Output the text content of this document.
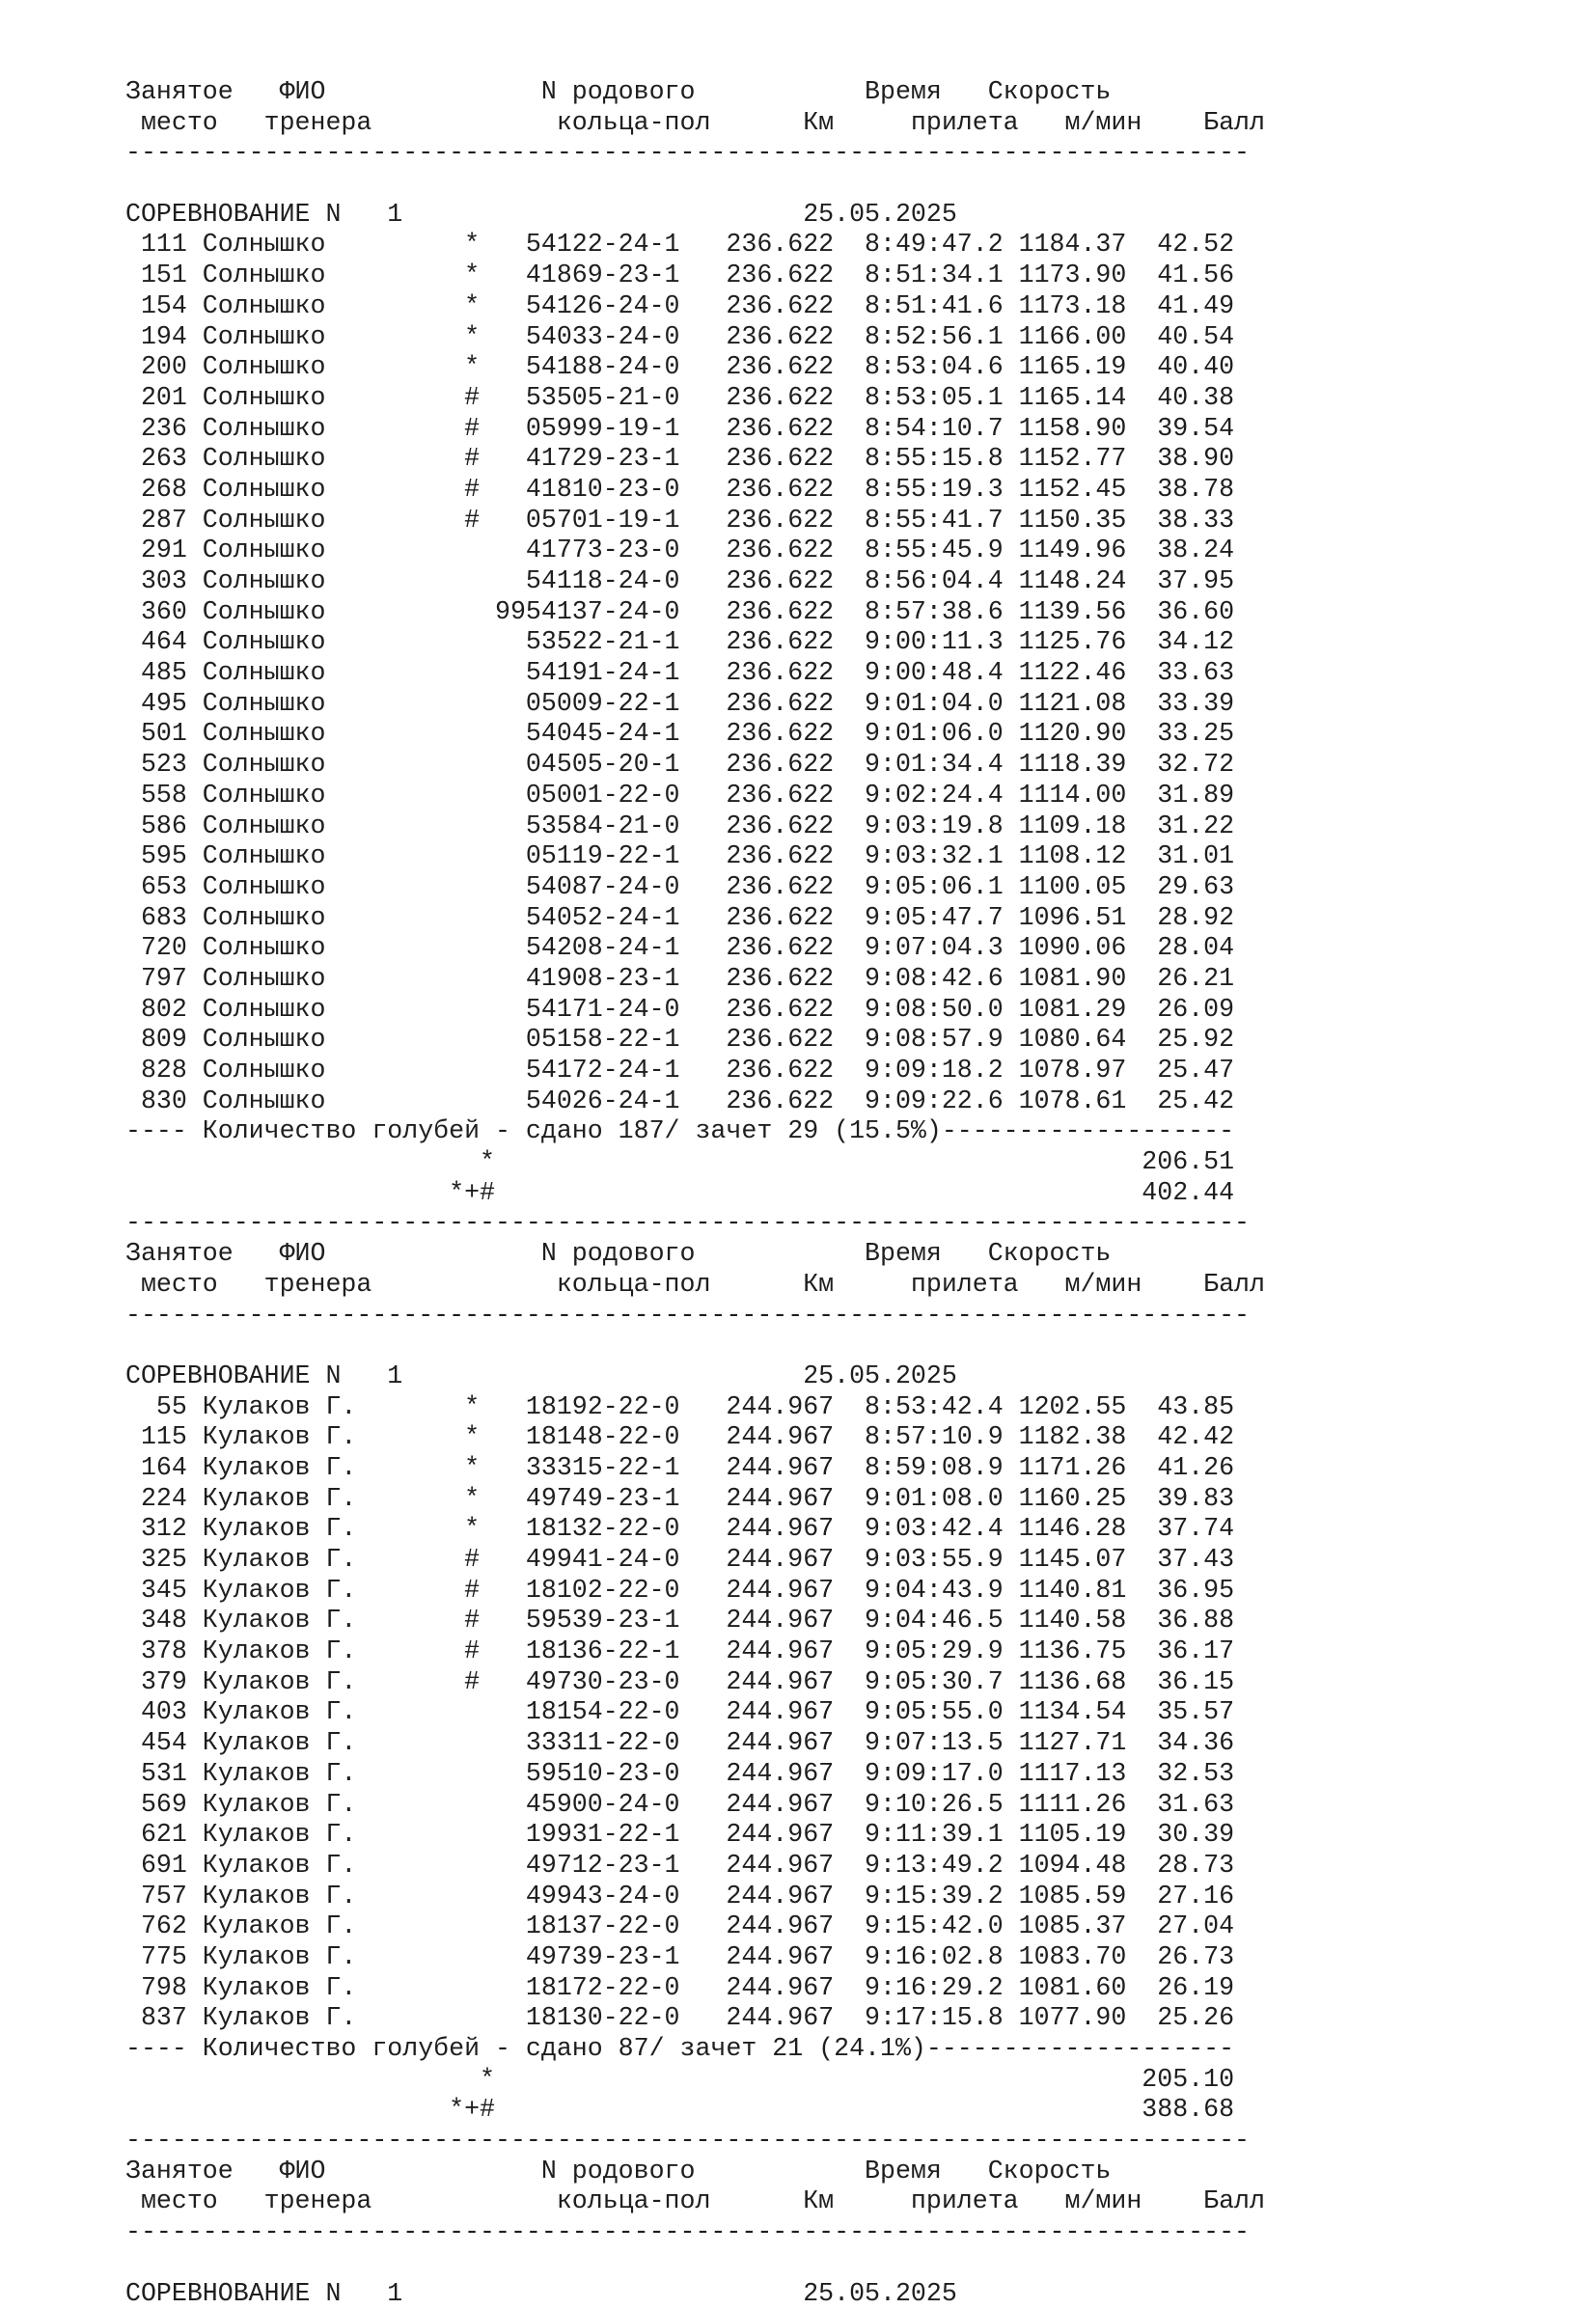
Занятое   ФИО              N родового           Время   Скорость
место   тренера            кольца-пол      Км     прилета   м/мин    Балл
-------------------------------------------------------------------------

СОРЕВНОВАНИЕ N   1                          25.05.2025
111 Солнышко         *   54122-24-1   236.622  8:49:47.2 1184.37  42.52
151 Солнышко         *   41869-23-1   236.622  8:51:34.1 1173.90  41.56
154 Солнышко         *   54126-24-0   236.622  8:51:41.6 1173.18  41.49
194 Солнышко         *   54033-24-0   236.622  8:52:56.1 1166.00  40.54
200 Солнышко         *   54188-24-0   236.622  8:53:04.6 1165.19  40.40
201 Солнышко         #   53505-21-0   236.622  8:53:05.1 1165.14  40.38
236 Солнышко         #   05999-19-1   236.622  8:54:10.7 1158.90  39.54
263 Солнышко         #   41729-23-1   236.622  8:55:15.8 1152.77  38.90
268 Солнышко         #   41810-23-0   236.622  8:55:19.3 1152.45  38.78
287 Солнышко         #   05701-19-1   236.622  8:55:41.7 1150.35  38.33
291 Солнышко             41773-23-0   236.622  8:55:45.9 1149.96  38.24
303 Солнышко             54118-24-0   236.622  8:56:04.4 1148.24  37.95
360 Солнышко           9954137-24-0   236.622  8:57:38.6 1139.56  36.60
464 Солнышко             53522-21-1   236.622  9:00:11.3 1125.76  34.12
485 Солнышко             54191-24-1   236.622  9:00:48.4 1122.46  33.63
495 Солнышко             05009-22-1   236.622  9:01:04.0 1121.08  33.39
501 Солнышко             54045-24-1   236.622  9:01:06.0 1120.90  33.25
523 Солнышко             04505-20-1   236.622  9:01:34.4 1118.39  32.72
558 Солнышко             05001-22-0   236.622  9:02:24.4 1114.00  31.89
586 Солнышко             53584-21-0   236.622  9:03:19.8 1109.18  31.22
595 Солнышко             05119-22-1   236.622  9:03:32.1 1108.12  31.01
653 Солнышко             54087-24-0   236.622  9:05:06.1 1100.05  29.63
683 Солнышко             54052-24-1   236.622  9:05:47.7 1096.51  28.92
720 Солнышко             54208-24-1   236.622  9:07:04.3 1090.06  28.04
797 Солнышко             41908-23-1   236.622  9:08:42.6 1081.90  26.21
802 Солнышко             54171-24-0   236.622  9:08:50.0 1081.29  26.09
809 Солнышко             05158-22-1   236.622  9:08:57.9 1080.64  25.92
828 Солнышко             54172-24-1   236.622  9:09:18.2 1078.97  25.47
830 Солнышко             54026-24-1   236.622  9:09:22.6 1078.61  25.42
---- Количество голубей - сдано 187/ зачет 29 (15.5%)-------------------
*                                          206.51
*+#                                          402.44
-------------------------------------------------------------------------
Занятое   ФИО              N родового           Время   Скорость
место   тренера            кольца-пол      Км     прилета   м/мин    Балл
-------------------------------------------------------------------------

СОРЕВНОВАНИЕ N   1                          25.05.2025
55 Кулаков Г.       *   18192-22-0   244.967  8:53:42.4 1202.55  43.85
115 Кулаков Г.       *   18148-22-0   244.967  8:57:10.9 1182.38  42.42
164 Кулаков Г.       *   33315-22-1   244.967  8:59:08.9 1171.26  41.26
224 Кулаков Г.       *   49749-23-1   244.967  9:01:08.0 1160.25  39.83
312 Кулаков Г.       *   18132-22-0   244.967  9:03:42.4 1146.28  37.74
325 Кулаков Г.       #   49941-24-0   244.967  9:03:55.9 1145.07  37.43
345 Кулаков Г.       #   18102-22-0   244.967  9:04:43.9 1140.81  36.95
348 Кулаков Г.       #   59539-23-1   244.967  9:04:46.5 1140.58  36.88
378 Кулаков Г.       #   18136-22-1   244.967  9:05:29.9 1136.75  36.17
379 Кулаков Г.       #   49730-23-0   244.967  9:05:30.7 1136.68  36.15
403 Кулаков Г.           18154-22-0   244.967  9:05:55.0 1134.54  35.57
454 Кулаков Г.           33311-22-0   244.967  9:07:13.5 1127.71  34.36
531 Кулаков Г.           59510-23-0   244.967  9:09:17.0 1117.13  32.53
569 Кулаков Г.           45900-24-0   244.967  9:10:26.5 1111.26  31.63
621 Кулаков Г.           19931-22-1   244.967  9:11:39.1 1105.19  30.39
691 Кулаков Г.           49712-23-1   244.967  9:13:49.2 1094.48  28.73
757 Кулаков Г.           49943-24-0   244.967  9:15:39.2 1085.59  27.16
762 Кулаков Г.           18137-22-0   244.967  9:15:42.0 1085.37  27.04
775 Кулаков Г.           49739-23-1   244.967  9:16:02.8 1083.70  26.73
798 Кулаков Г.           18172-22-0   244.967  9:16:29.2 1081.60  26.19
837 Кулаков Г.           18130-22-0   244.967  9:17:15.8 1077.90  25.26
---- Количество голубей - сдано 87/ зачет 21 (24.1%)--------------------
*                                          205.10
*+#                                          388.68
-------------------------------------------------------------------------
Занятое   ФИО              N родового           Время   Скорость
место   тренера            кольца-пол      Км     прилета   м/мин    Балл
-------------------------------------------------------------------------

СОРЕВНОВАНИЕ N   1                          25.05.2025
